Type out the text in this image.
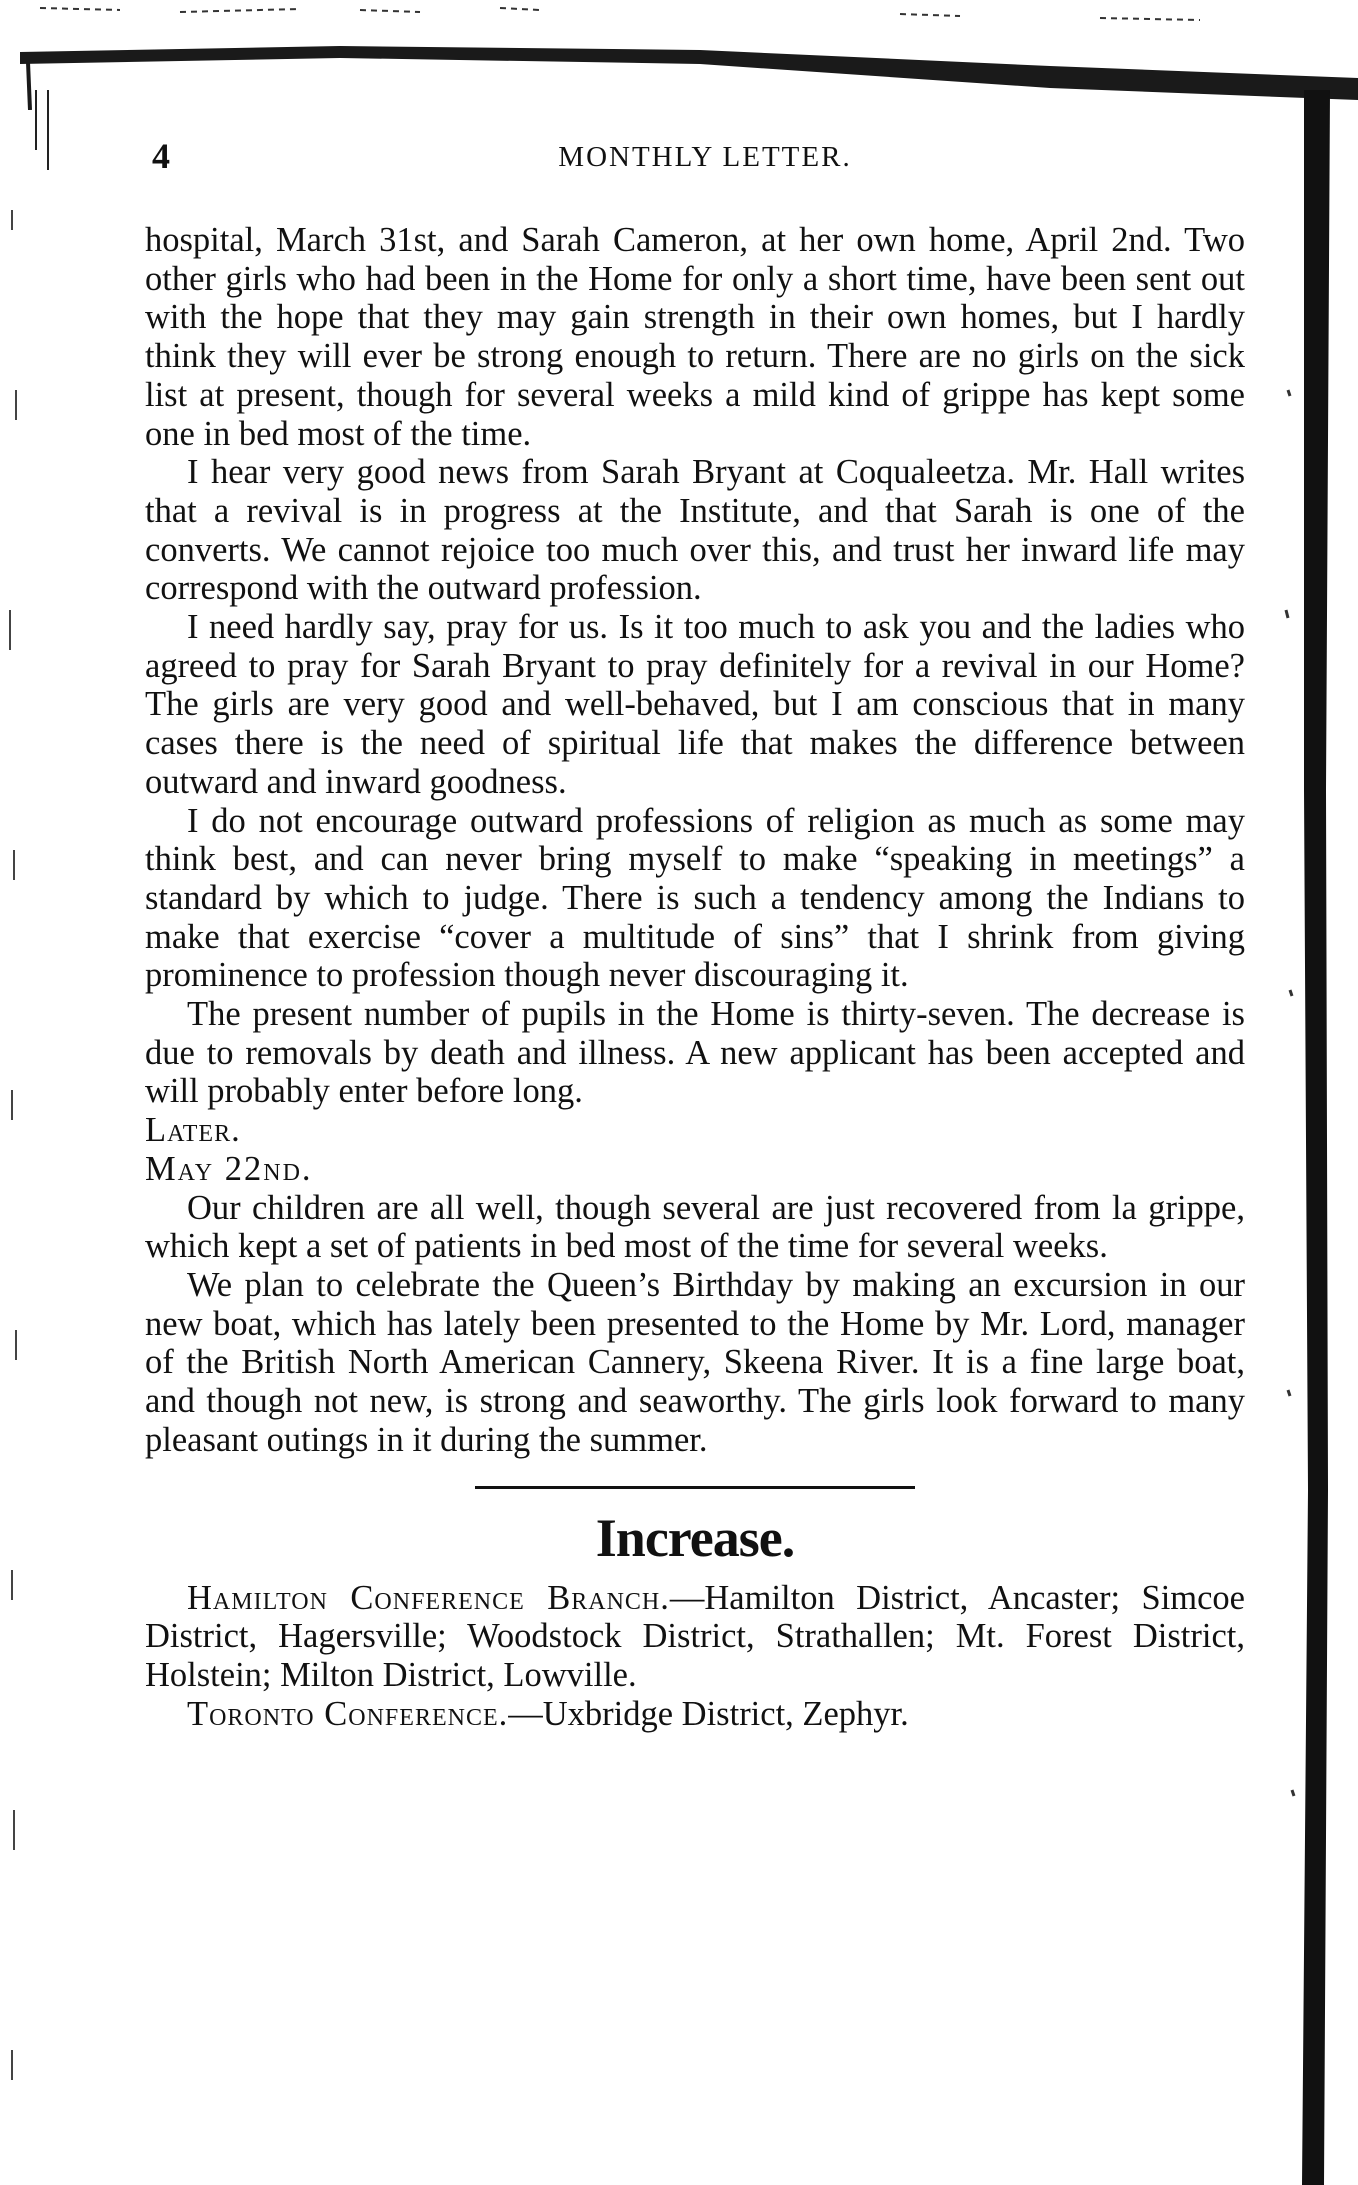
4	MONTHLY LETTER.

hospital, March 31st, and Sarah Cameron, at her own home, April 2nd. Two other girls who had been in the Home for only a short time, have been sent out with the hope that they may gain strength in their own homes, but I hardly think they will ever be strong enough to return. There are no girls on the sick list at present, though for several weeks a mild kind of grippe has kept some one in bed most of the time.

I hear very good news from Sarah Bryant at Coqualeetza. Mr. Hall writes that a revival is in progress at the Institute, and that Sarah is one of the converts. We cannot rejoice too much over this, and trust her inward life may correspond with the outward profession.

I need hardly say, pray for us. Is it too much to ask you and the ladies who agreed to pray for Sarah Bryant to pray definitely for a revival in our Home? The girls are very good and well-behaved, but I am conscious that in many cases there is the need of spiritual life that makes the difference between outward and inward goodness.

I do not encourage outward professions of religion as much as some may think best, and can never bring myself to make “speaking in meetings” a standard by which to judge. There is such a tendency among the Indians to make that exercise “cover a multitude of sins” that I shrink from giving prominence to profession though never discouraging it.

The present number of pupils in the Home is thirty-seven. The decrease is due to removals by death and illness. A new applicant has been accepted and will probably enter before long.

Later.

May 22nd.

Our children are all well, though several are just recovered from la grippe, which kept a set of patients in bed most of the time for several weeks.

We plan to celebrate the Queen’s Birthday by making an excursion in our new boat, which has lately been presented to the Home by Mr. Lord, manager of the British North American Cannery, Skeena River. It is a fine large boat, and though not new, is strong and seaworthy. The girls look forward to many pleasant outings in it during the summer.

Increase.

Hamilton Conference Branch.—Hamilton District, Ancaster; Simcoe District, Hagersville; Woodstock District, Strathallen; Mt. Forest District, Holstein; Milton District, Lowville.

Toronto Conference.—Uxbridge District, Zephyr.
